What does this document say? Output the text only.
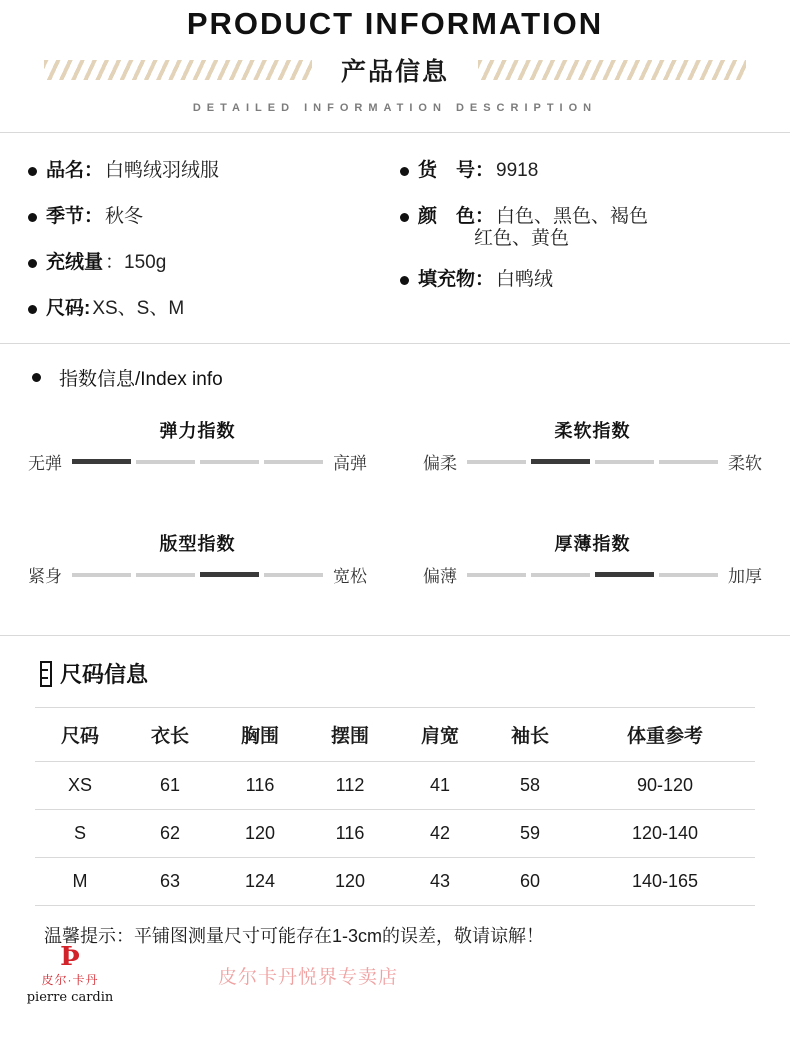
PRODUCT INFORMATION
产品信息
DETAILED INFORMATION DESCRIPTION
品名： 白鸭绒羽绒服
季节： 秋冬
充绒量 ：150g
尺码: XS、S、M
货　号： 9918
颜　色： 白色、黑色、褐色
红色、黄色
填充物： 白鸭绒
指数信息/Index info
弹力指数
无弹	高弹
柔软指数
偏柔	柔软
版型指数
紧身	宽松
厚薄指数
偏薄	加厚
尺码信息
尺码	衣长	胸围	摆围	肩宽	袖长	体重参考
XS	61	116	112	41	58	90-120
S	62	120	116	42	59	120-140
M	63	124	120	43	60	140-165
温馨提示：平铺图测量尺寸可能存在1-3cm的误差，敬请谅解！
皮尔卡丹悦界专卖店
Ϸ
皮尔·卡丹
pierre cardin
